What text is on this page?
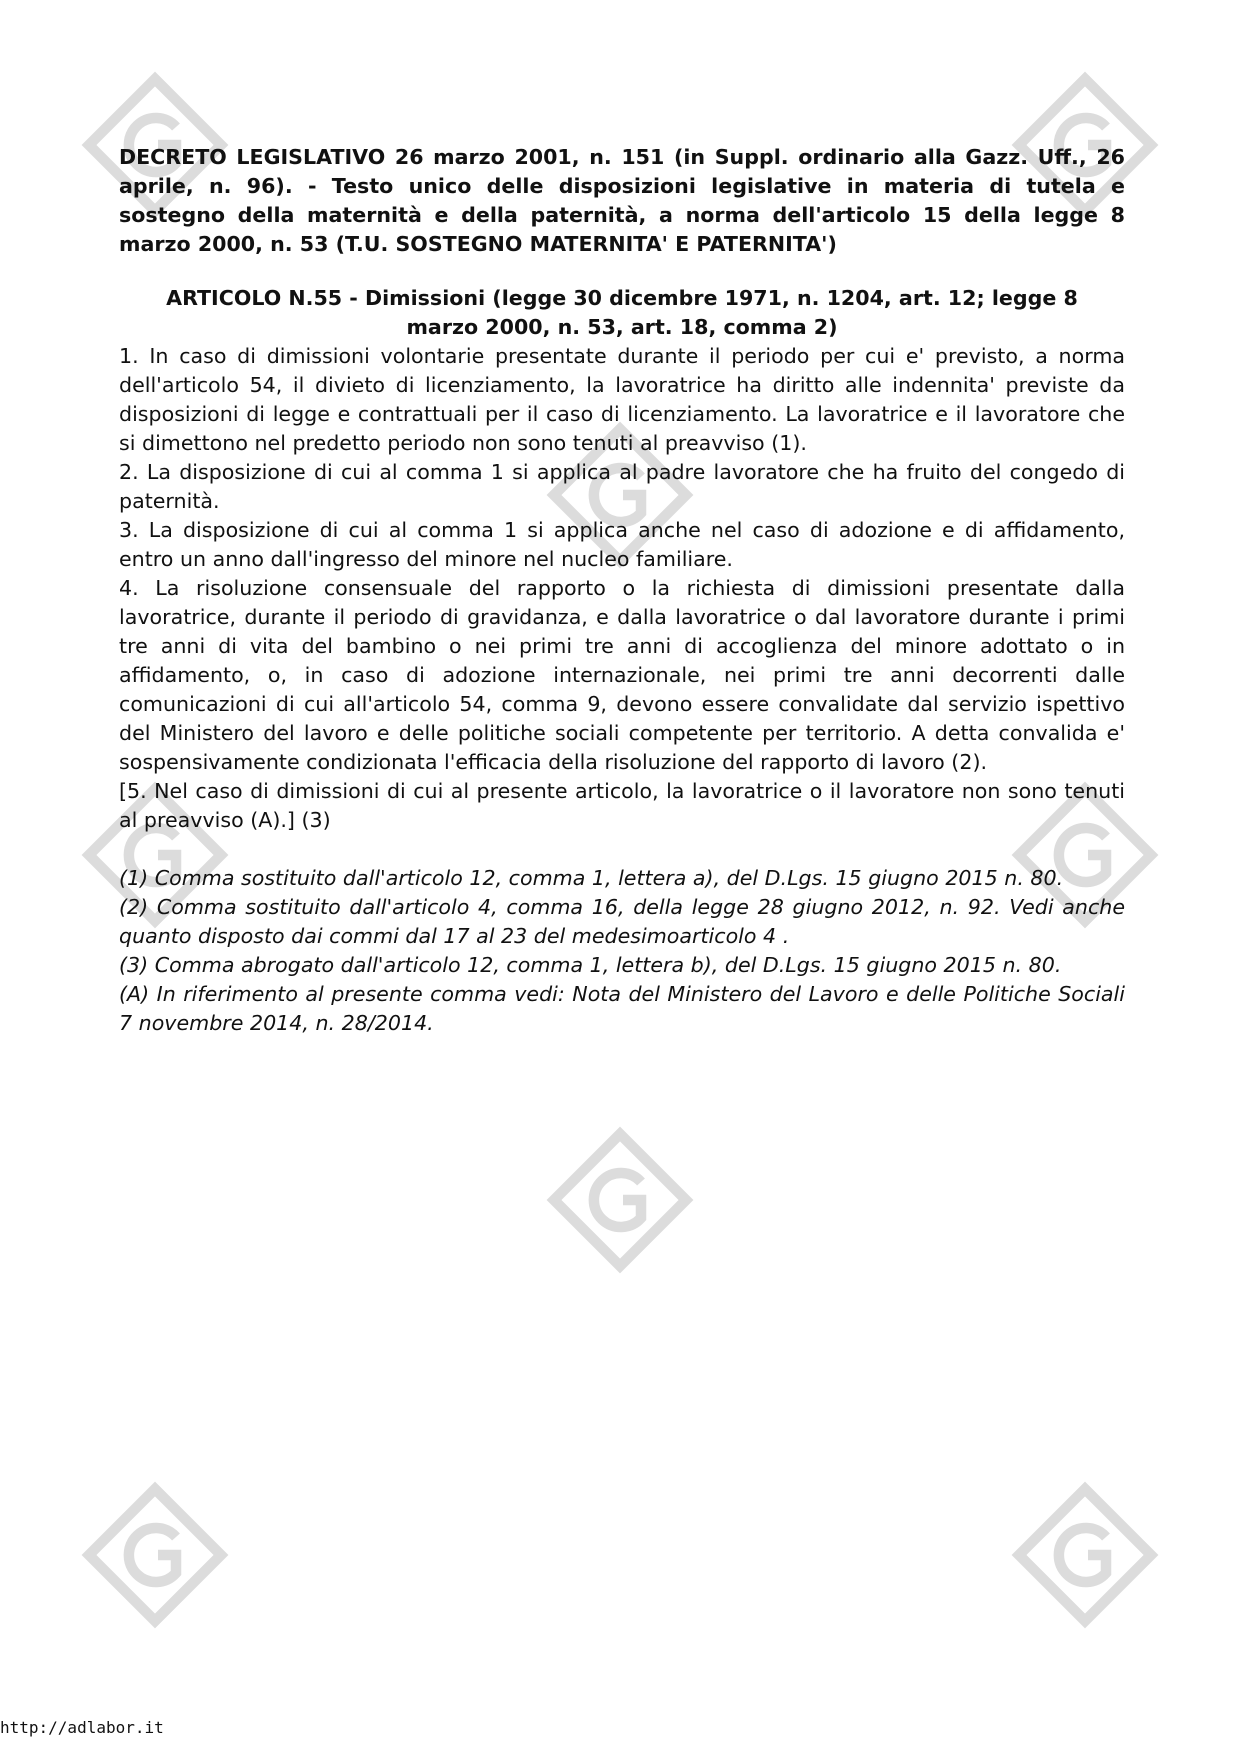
DECRETO LEGISLATIVO 26 marzo 2001, n. 151 (in Suppl. ordinario alla Gazz. Uff., 26 aprile, n. 96). - Testo unico delle disposizioni legislative in materia di tutela e sostegno della maternità e della paternità, a norma dell'articolo 15 della legge 8 marzo 2000, n. 53 (T.U. SOSTEGNO MATERNITA' E PATERNITA')

ARTICOLO N.55 - Dimissioni (legge 30 dicembre 1971, n. 1204, art. 12; legge 8 marzo 2000, n. 53, art. 18, comma 2)

1. In caso di dimissioni volontarie presentate durante il periodo per cui e' previsto, a norma dell'articolo 54, il divieto di licenziamento, la lavoratrice ha diritto alle indennita' previste da disposizioni di legge e contrattuali per il caso di licenziamento. La lavoratrice e il lavoratore che si dimettono nel predetto periodo non sono tenuti al preavviso (1).

2. La disposizione di cui al comma 1 si applica al padre lavoratore che ha fruito del congedo di paternità.

3. La disposizione di cui al comma 1 si applica anche nel caso di adozione e di affidamento, entro un anno dall'ingresso del minore nel nucleo familiare.

4. La risoluzione consensuale del rapporto o la richiesta di dimissioni presentate dalla lavoratrice, durante il periodo di gravidanza, e dalla lavoratrice o dal lavoratore durante i primi tre anni di vita del bambino o nei primi tre anni di accoglienza del minore adottato o in affidamento, o, in caso di adozione internazionale, nei primi tre anni decorrenti dalle comunicazioni di cui all'articolo 54, comma 9, devono essere convalidate dal servizio ispettivo del Ministero del lavoro e delle politiche sociali competente per territorio. A detta convalida e' sospensivamente condizionata l'efficacia della risoluzione del rapporto di lavoro (2).

[5. Nel caso di dimissioni di cui al presente articolo, la lavoratrice o il lavoratore non sono tenuti al preavviso (A).] (3)

(1) Comma sostituito dall'articolo 12, comma 1, lettera a), del D.Lgs. 15 giugno 2015 n. 80.

(2) Comma sostituito dall'articolo 4, comma 16, della legge 28 giugno 2012, n. 92. Vedi anche quanto disposto dai commi dal 17 al 23 del medesimoarticolo 4 .

(3) Comma abrogato dall'articolo 12, comma 1, lettera b), del D.Lgs. 15 giugno 2015 n. 80.

(A) In riferimento al presente comma vedi: Nota del Ministero del Lavoro e delle Politiche Sociali 7 novembre 2014, n. 28/2014.

http://adlabor.it
